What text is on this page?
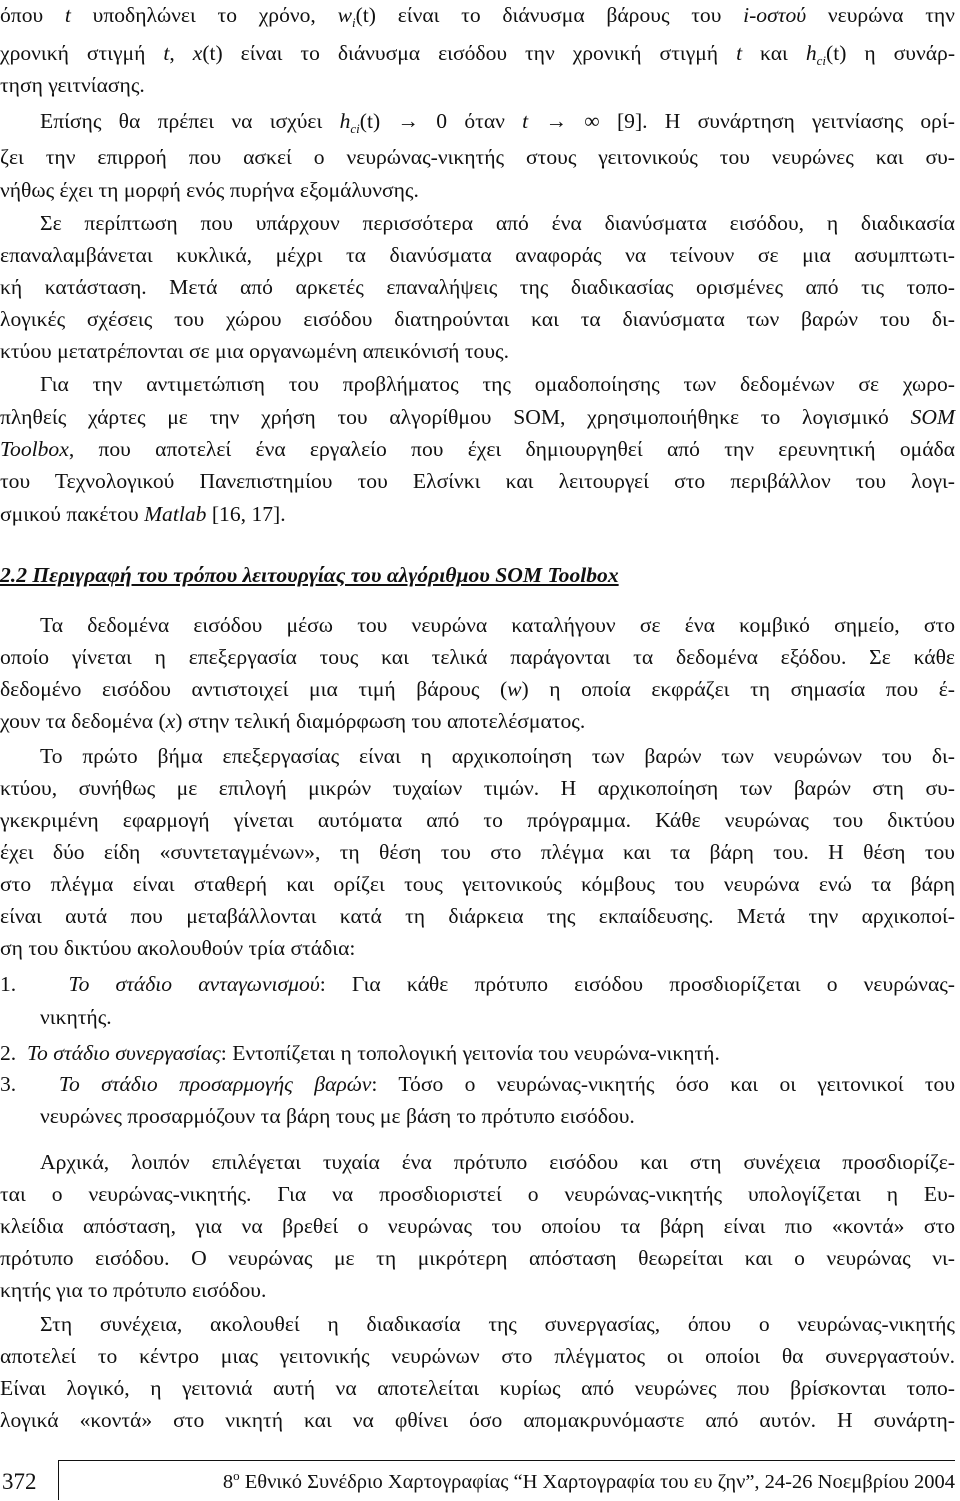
όπου t υποδηλώνει το χρόνο, $w_i(t)$ είναι το διάνυσμα βάρους του i-οστού νευρώνα την
χρονική στιγμή t, x(t) είναι το διάνυσμα εισόδου την χρονική στιγμή t και $h_{ci}(t)$ η συνάρ-
τηση γειτνίασης.
Επίσης θα πρέπει να ισχύει $h_{ci}(t) \to 0$ όταν t → ∞ [9]. Η συνάρτηση γειτνίασης ορί-
ζει την επιρροή που ασκεί ο νευρώνας-νικητής στους γειτονικούς του νευρώνες και συ-
νήθως έχει τη μορφή ενός πυρήνα εξομάλυνσης.
Σε περίπτωση που υπάρχουν περισσότερα από ένα διανύσματα εισόδου, η διαδικασία
επαναλαμβάνεται κυκλικά, μέχρι τα διανύσματα αναφοράς να τείνουν σε μια ασυμπτωτι-
κή κατάσταση. Μετά από αρκετές επαναλήψεις της διαδικασίας ορισμένες από τις τοπο-
λογικές σχέσεις του χώρου εισόδου διατηρούνται και τα διανύσματα των βαρών του δι-
κτύου μετατρέπονται σε μια οργανωμένη απεικόνισή τους.
Για την αντιμετώπιση του προβλήματος της ομαδοποίησης των δεδομένων σε χωρο-
πληθείς χάρτες με την χρήση του αλγορίθμου SOM, χρησιμοποιήθηκε το λογισμικό SOM
Toolbox, που αποτελεί ένα εργαλείο που έχει δημιουργηθεί από την ερευνητική ομάδα
του Τεχνολογικού Πανεπιστημίου του Ελσίνκι και λειτουργεί στο περιβάλλον του λογι-
σμικού πακέτου Matlab [16, 17].
2.2 Περιγραφή του τρόπου λειτουργίας του αλγόριθμου SOM Toolbox
Τα δεδομένα εισόδου μέσω του νευρώνα καταλήγουν σε ένα κομβικό σημείο, στο
οποίο γίνεται η επεξεργασία τους και τελικά παράγονται τα δεδομένα εξόδου. Σε κάθε
δεδομένο εισόδου αντιστοιχεί μια τιμή βάρους (w) η οποία εκφράζει τη σημασία που έ-
χουν τα δεδομένα (x) στην τελική διαμόρφωση του αποτελέσματος.
Το πρώτο βήμα επεξεργασίας είναι η αρχικοποίηση των βαρών των νευρώνων του δι-
κτύου, συνήθως με επιλογή μικρών τυχαίων τιμών. Η αρχικοποίηση των βαρών στη συ-
γκεκριμένη εφαρμογή γίνεται αυτόματα από το πρόγραμμα. Κάθε νευρώνας του δικτύου
έχει δύο είδη «συντεταγμένων», τη θέση του στο πλέγμα και τα βάρη του. Η θέση του
στο πλέγμα είναι σταθερή και ορίζει τους γειτονικούς κόμβους του νευρώνα ενώ τα βάρη
είναι αυτά που μεταβάλλονται κατά τη διάρκεια της εκπαίδευσης. Μετά την αρχικοποί-
ση του δικτύου ακολουθούν τρία στάδια:
1. Το στάδιο ανταγωνισμού: Για κάθε πρότυπο εισόδου προσδιορίζεται ο νευρώνας-
νικητής.
2. Το στάδιο συνεργασίας: Εντοπίζεται η τοπολογική γειτονία του νευρώνα-νικητή.
3. Το στάδιο προσαρμογής βαρών: Τόσο ο νευρώνας-νικητής όσο και οι γειτονικοί του
νευρώνες προσαρμόζουν τα βάρη τους με βάση το πρότυπο εισόδου.
Αρχικά, λοιπόν επιλέγεται τυχαία ένα πρότυπο εισόδου και στη συνέχεια προσδιορίζε-
ται ο νευρώνας-νικητής. Για να προσδιοριστεί ο νευρώνας-νικητής υπολογίζεται η Ευ-
κλείδια απόσταση, για να βρεθεί ο νευρώνας του οποίου τα βάρη είναι πιο «κοντά» στο
πρότυπο εισόδου. Ο νευρώνας με τη μικρότερη απόσταση θεωρείται και ο νευρώνας νι-
κητής για το πρότυπο εισόδου.
Στη συνέχεια, ακολουθεί η διαδικασία της συνεργασίας, όπου ο νευρώνας-νικητής
αποτελεί το κέντρο μιας γειτονικής νευρώνων στο πλέγματος οι οποίοι θα συνεργαστούν.
Είναι λογικό, η γειτονιά αυτή να αποτελείται κυρίως από νευρώνες που βρίσκονται τοπο-
λογικά «κοντά» στο νικητή και να φθίνει όσο απομακρυνόμαστε από αυτόν. Η συνάρτη-
372	$8^o$ Εθνικό Συνέδριο Χαρτογραφίας “Η Χαρτογραφία του ευ ζην”, 24-26 Νοεμβρίου 2004
